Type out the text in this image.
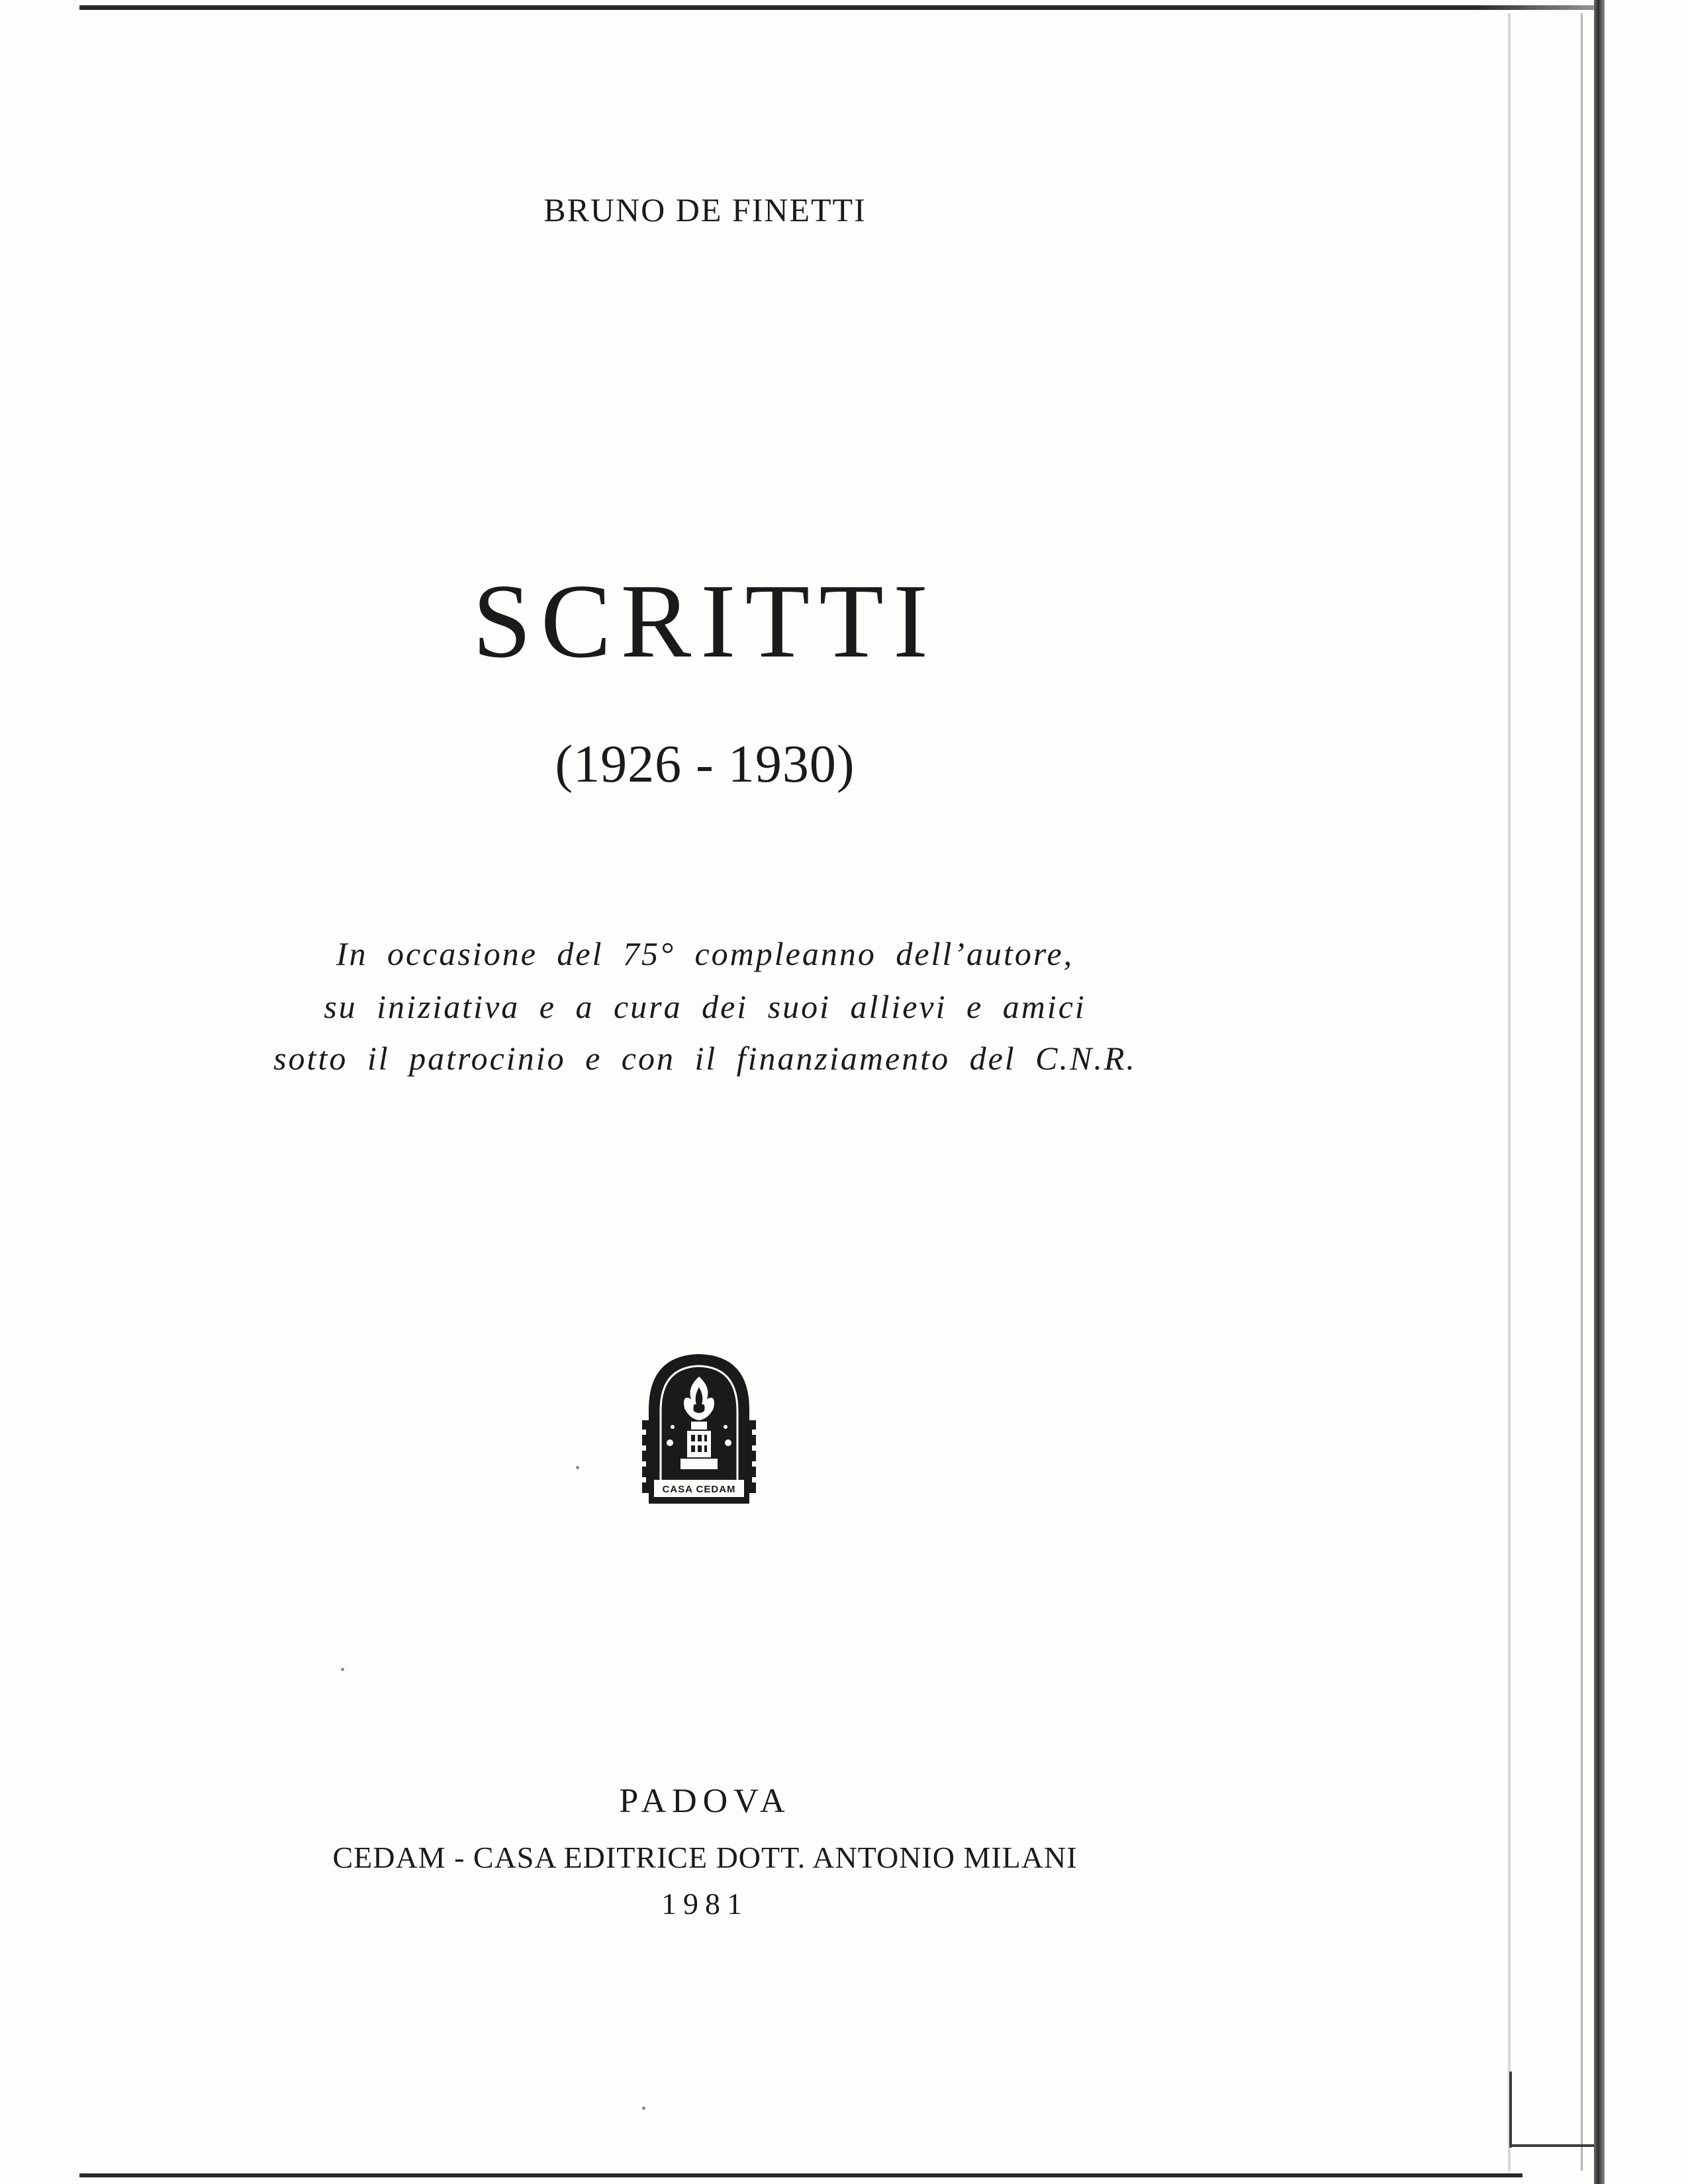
BRUNO DE FINETTI

SCRITTI

(1926 - 1930)

In occasione del 75° compleanno dell’autore,

su iniziativa e a cura dei suoi allievi e amici

sotto il patrocinio e con il finanziamento del C.N.R.

CASA CEDAM

PADOVA

CEDAM - CASA EDITRICE DOTT. ANTONIO MILANI

1981
